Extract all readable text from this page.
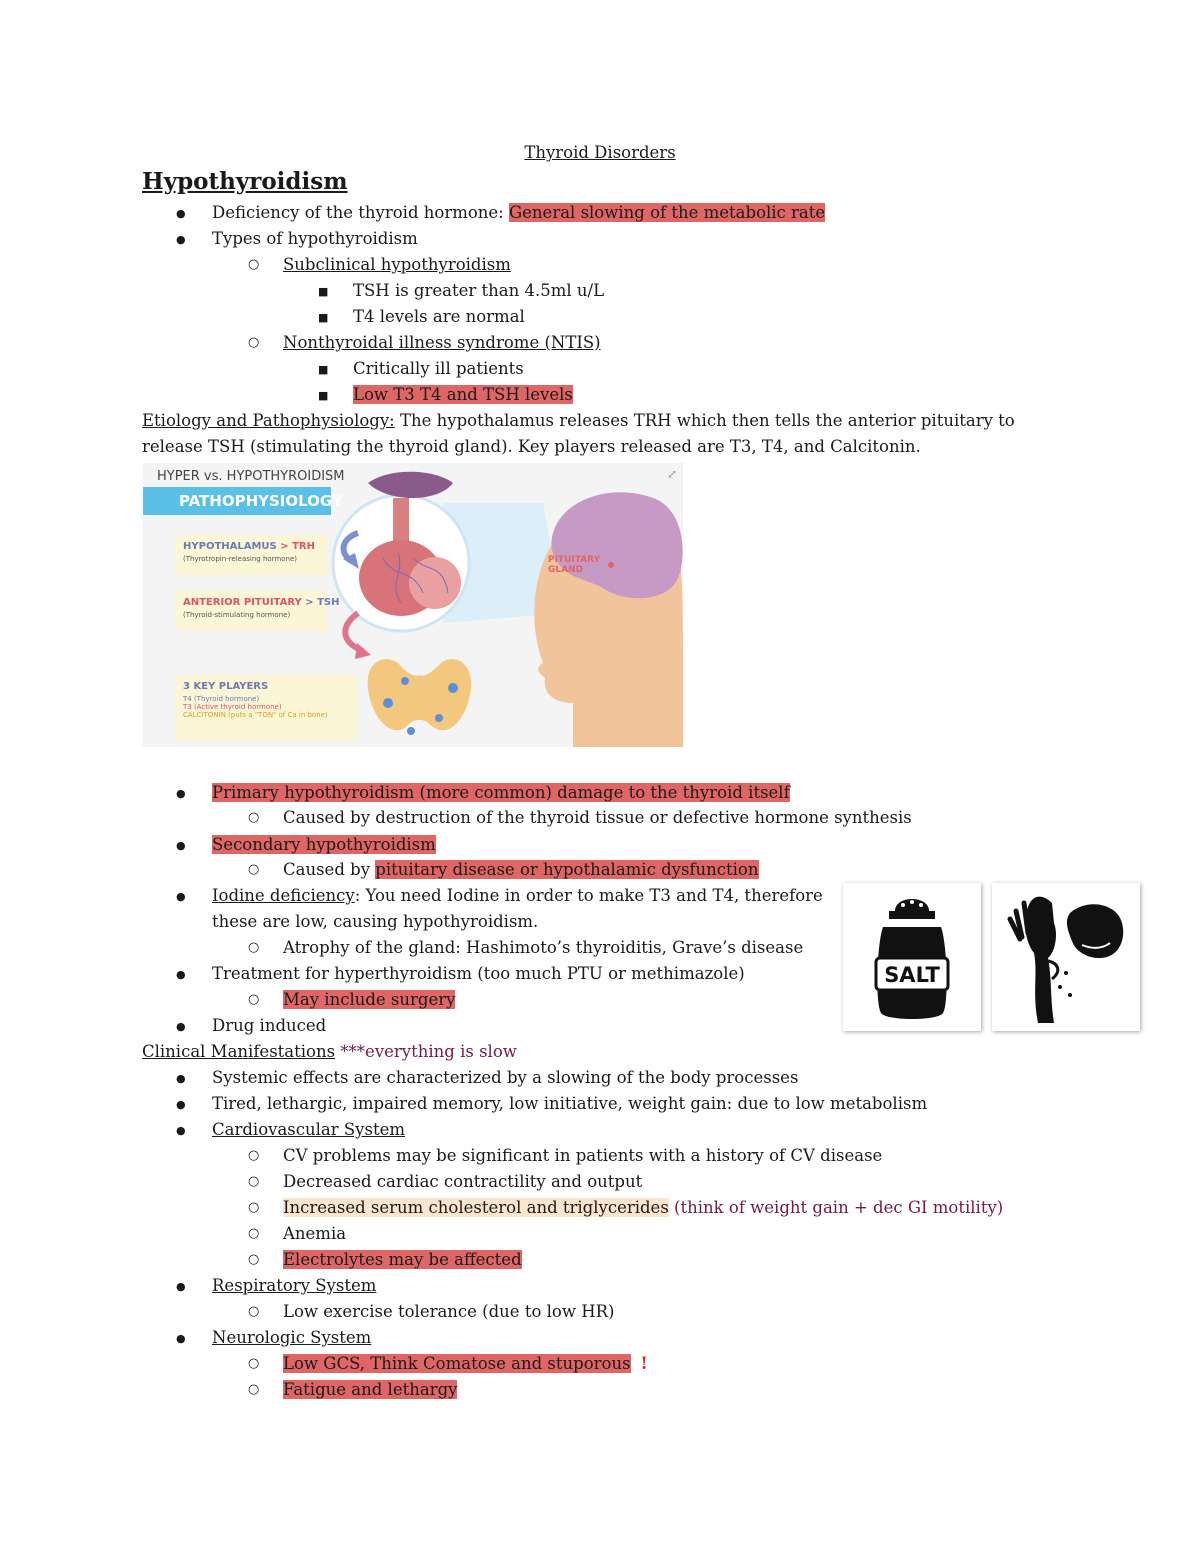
Thyroid Disorders
Hypothyroidism
● Deficiency of the thyroid hormone: General slowing of the metabolic rate
● Types of hypothyroidism
○ Subclinical hypothyroidism
■ TSH is greater than 4.5ml u/L
■ T4 levels are normal
○ Nonthyroidal illness syndrome (NTIS)
■ Critically ill patients
■ Low T3 T4 and TSH levels
Etiology and Pathophysiology: The hypothalamus releases TRH which then tells the anterior pituitary to
release TSH (stimulating the thyroid gland). Key players released are T3, T4, and Calcitonin.
HYPER vs. HYPOTHYROIDISM
PATHOPHYSIOLOGY
⤢
HYPOTHALAMUS > TRH
(Thyrotropin-releasing hormone)
ANTERIOR PITUITARY > TSH
(Thyroid-stimulating hormone)
3 KEY PLAYERS
T4 (Thyroid hormone)
T3 (Active thyroid hormone)
CALCITONIN (puts a "TON" of Ca in bone)
PITUITARY
GLAND
● Primary hypothyroidism (more common) damage to the thyroid itself
○ Caused by destruction of the thyroid tissue or defective hormone synthesis
● Secondary hypothyroidism
○ Caused by pituitary disease or hypothalamic dysfunction
● Iodine deficiency: You need Iodine in order to make T3 and T4, therefore
these are low, causing hypothyroidism.
○ Atrophy of the gland: Hashimoto’s thyroiditis, Grave’s disease
● Treatment for hyperthyroidism (too much PTU or methimazole)
○ May include surgery
● Drug induced
SALT
Clinical Manifestations ***everything is slow
● Systemic effects are characterized by a slowing of the body processes
● Tired, lethargic, impaired memory, low initiative, weight gain: due to low metabolism
● Cardiovascular System
○ CV problems may be significant in patients with a history of CV disease
○ Decreased cardiac contractility and output
○ Increased serum cholesterol and triglycerides (think of weight gain + dec GI motility)
○ Anemia
○ Electrolytes may be affected
● Respiratory System
○ Low exercise tolerance (due to low HR)
● Neurologic System
○ Low GCS, Think Comatose and stuporous !
○ Fatigue and lethargy
